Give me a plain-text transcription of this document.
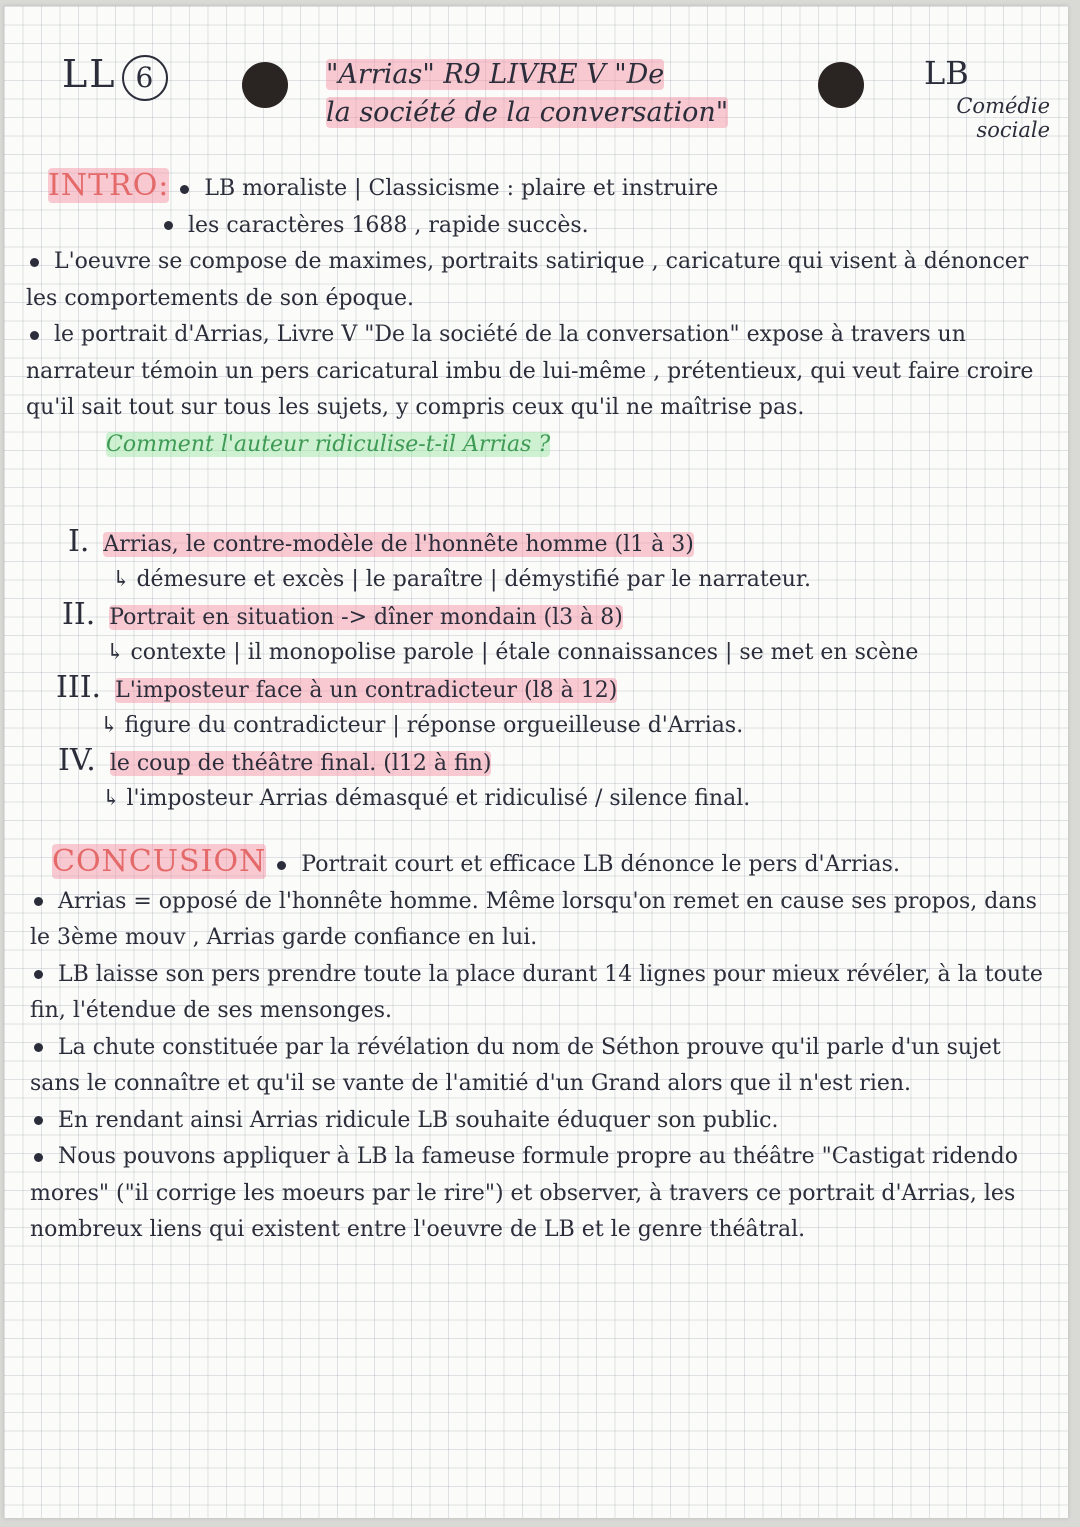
LL 6	"Arrias" R9 LIVRE V "De

la société de la conversation"

LB
Comédie sociale

INTRO: LB moraliste | Classicisme : plaire et instruire

les caractères 1688 , rapide succès.

L'oeuvre se compose de maximes, portraits satirique , caricature qui visent à dénoncer les comportements de son époque.

le portrait d'Arrias, Livre V "De la société de la conversation" expose à travers un narrateur témoin un pers caricatural imbu de lui-même , prétentieux, qui veut faire croire qu'il sait tout sur tous les sujets, y compris ceux qu'il ne maîtrise pas.

Comment l'auteur ridiculise-t-il Arrias ?

I. Arrias, le contre-modèle de l'honnête homme (l1 à 3)

↳ démesure et excès | le paraître | démystifié par le narrateur.

II. Portrait en situation -> dîner mondain (l3 à 8)

↳ contexte | il monopolise parole | étale connaissances | se met en scène

III. L'imposteur face à un contradicteur (l8 à 12)

↳ figure du contradicteur | réponse orgueilleuse d'Arrias.

IV. le coup de théâtre final. (l12 à fin)

↳ l'imposteur Arrias démasqué et ridiculisé / silence final.

CONCUSION Portrait court et efficace LB dénonce le pers d'Arrias.

Arrias = opposé de l'honnête homme. Même lorsqu'on remet en cause ses propos, dans le 3ème mouv , Arrias garde confiance en lui.

LB laisse son pers prendre toute la place durant 14 lignes pour mieux révéler, à la toute fin, l'étendue de ses mensonges.

La chute constituée par la révélation du nom de Séthon prouve qu'il parle d'un sujet sans le connaître et qu'il se vante de l'amitié d'un Grand alors que il n'est rien.

En rendant ainsi Arrias ridicule LB souhaite éduquer son public.

Nous pouvons appliquer à LB la fameuse formule propre au théâtre "Castigat ridendo mores" ("il corrige les moeurs par le rire") et observer, à travers ce portrait d'Arrias, les nombreux liens qui existent entre l'oeuvre de LB et le genre théâtral.
